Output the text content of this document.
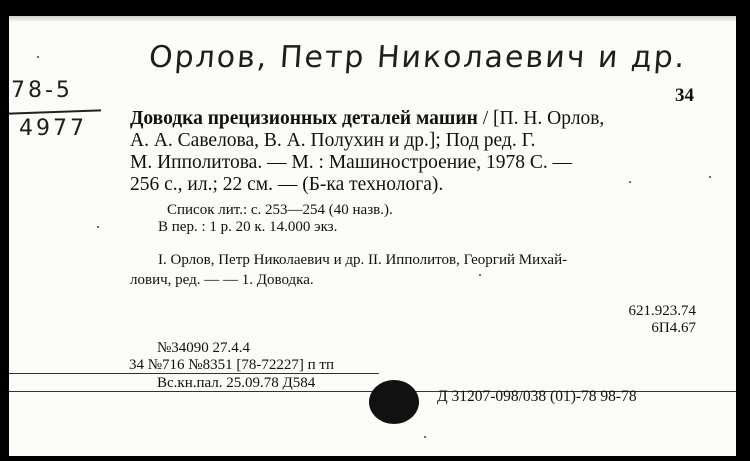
Орлов, Петр Николаевич и др.
78-5
4977
34
Доводка прецизионных деталей машин / [П. Н. Орлов,
А. А. Савелова, В. А. Полухин и др.]; Под ред. Г.
М. Ипполитова. — М. : Машиностроение, 1978 С. —
256 с., ил.; 22 см. — (Б-ка технолога).
Список лит.: с. 253—254 (40 назв.).
В пер. : 1 р. 20 к. 14.000 экз.
I. Орлов, Петр Николаевич и др. II. Ипполитов, Георгий Михай-
лович, ред. — — 1. Доводка.
621.923.74
6П4.67
№34090 27.4.4
34 №716 №8351 [78-72227] п тп
Вс.кн.пал. 25.09.78 Д584
Д 31207-098/038 (01)-78 98-78
